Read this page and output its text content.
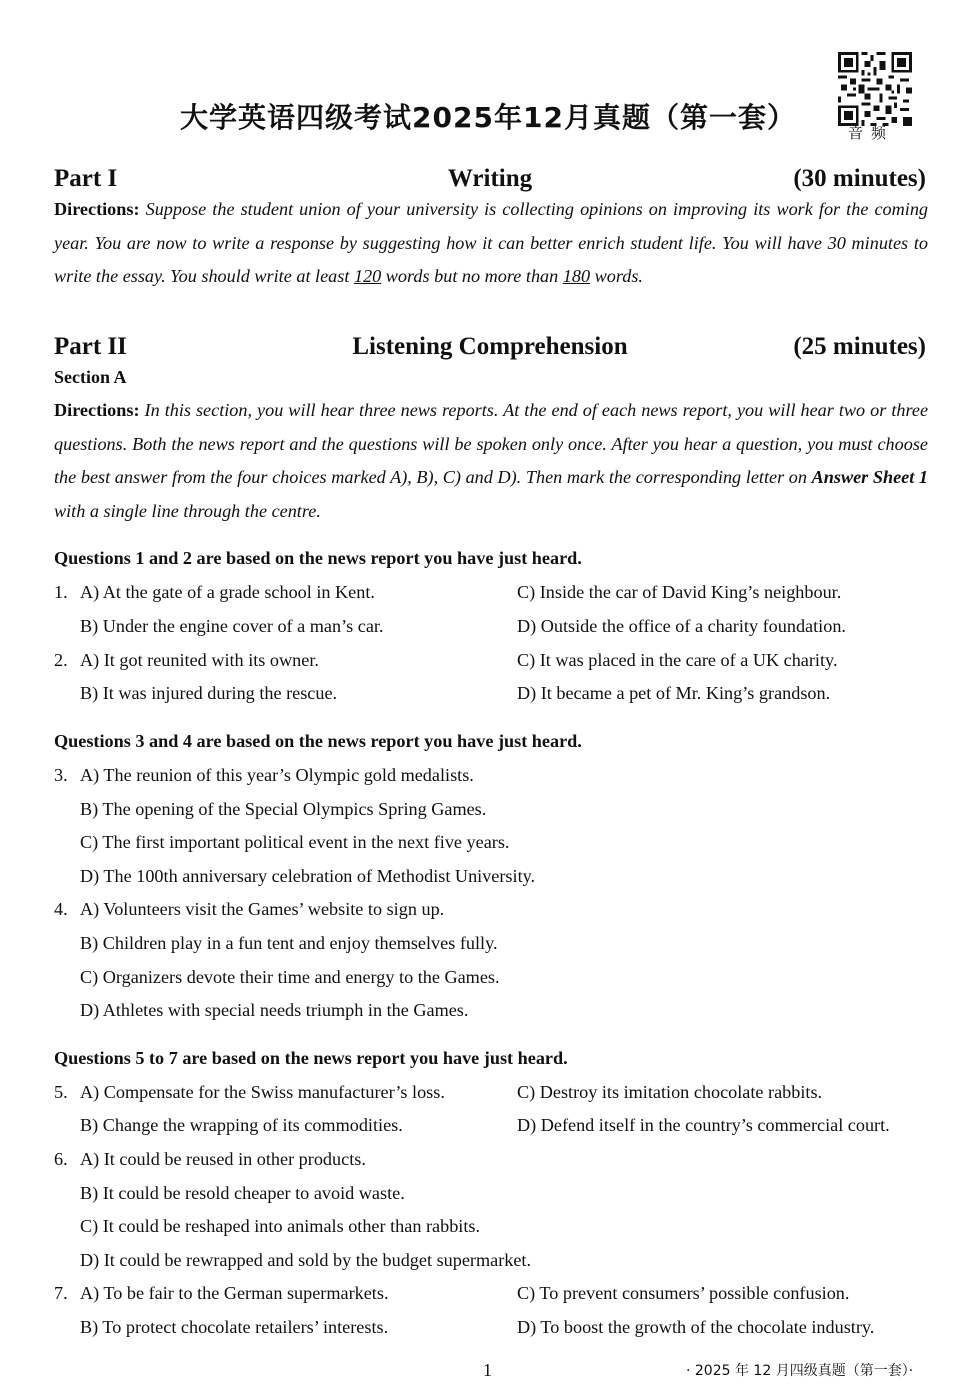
大学英语四级考试2025年12月真题（第一套）	音频
Part I	Writing	(30 minutes)
Directions: Suppose the student union of your university is collecting opinions on improving its work for the coming year. You are now to write a response by suggesting how it can better enrich student life. You will have 30 minutes to write the essay. You should write at least 120 words but no more than 180 words.
Part II	Listening Comprehension	(25 minutes)
Section A
Directions: In this section, you will hear three news reports. At the end of each news report, you will hear two or three questions. Both the news report and the questions will be spoken only once. After you hear a question, you must choose the best answer from the four choices marked A), B), C) and D). Then mark the corresponding letter on Answer Sheet 1 with a single line through the centre.
Questions 1 and 2 are based on the news report you have just heard.
1. A) At the gate of a grade school in Kent.	C) Inside the car of David King’s neighbour.
B) Under the engine cover of a man’s car.	D) Outside the office of a charity foundation.
2. A) It got reunited with its owner.	C) It was placed in the care of a UK charity.
B) It was injured during the rescue.	D) It became a pet of Mr. King’s grandson.
Questions 3 and 4 are based on the news report you have just heard.
3. A) The reunion of this year’s Olympic gold medalists.
B) The opening of the Special Olympics Spring Games.
C) The first important political event in the next five years.
D) The 100th anniversary celebration of Methodist University.
4. A) Volunteers visit the Games’ website to sign up.
B) Children play in a fun tent and enjoy themselves fully.
C) Organizers devote their time and energy to the Games.
D) Athletes with special needs triumph in the Games.
Questions 5 to 7 are based on the news report you have just heard.
5. A) Compensate for the Swiss manufacturer’s loss.	C) Destroy its imitation chocolate rabbits.
B) Change the wrapping of its commodities.	D) Defend itself in the country’s commercial court.
6. A) It could be reused in other products.
B) It could be resold cheaper to avoid waste.
C) It could be reshaped into animals other than rabbits.
D) It could be rewrapped and sold by the budget supermarket.
7. A) To be fair to the German supermarkets.	C) To prevent consumers’ possible confusion.
B) To protect chocolate retailers’ interests.	D) To boost the growth of the chocolate industry.
1	· 2025 年 12 月四级真题（第一套）·
